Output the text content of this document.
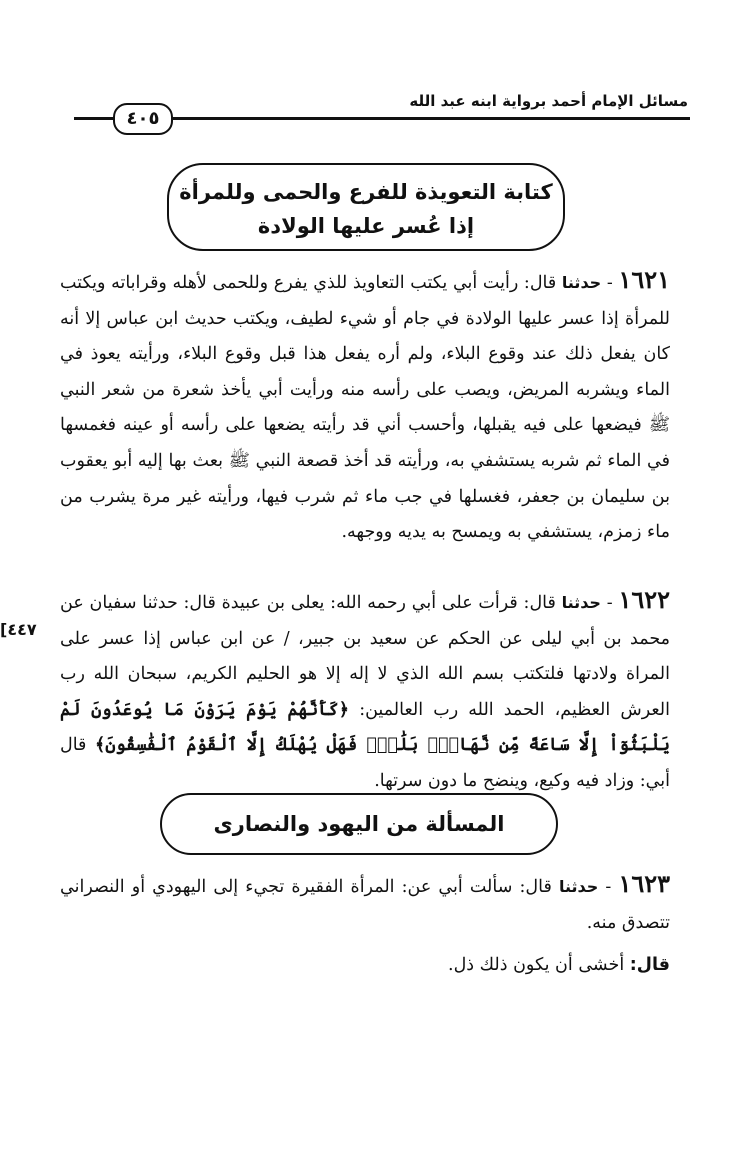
مسائل الإمام أحمد برواية ابنه عبد الله
٤٠٥
كتابة التعويذة للفرع والحمى وللمرأة
إذا عُسر عليها الولادة
١٦٢١ - حدثنا قال: رأيت أبي يكتب التعاويذ للذي يفرع وللحمى لأهله وقراباته ويكتب للمرأة إذا عسر عليها الولادة في جام أو شيء لطيف، ويكتب حديث ابن عباس إلا أنه كان يفعل ذلك عند وقوع البلاء، ولم أره يفعل هذا قبل وقوع البلاء، ورأيته يعوذ في الماء ويشربه المريض، ويصب على رأسه منه ورأيت أبي يأخذ شعرة من شعر النبي ﷺ فيضعها على فيه يقبلها، وأحسب أني قد رأيته يضعها على رأسه أو عينه فغمسها في الماء ثم شربه يستشفي به، ورأيته قد أخذ قصعة النبي ﷺ بعث بها إليه أبو يعقوب بن سليمان بن جعفر، فغسلها في جب ماء ثم شرب فيها، ورأيته غير مرة يشرب من ماء زمزم، يستشفي به ويمسح به يديه ووجهه.
١٦٢٢ - حدثنا قال: قرأت على أبي رحمه الله: يعلى بن عبيدة قال: حدثنا سفيان عن محمد بن أبي ليلى عن الحكم عن سعيد بن جبير، / عن ابن عباس إذا عسر على المراة ولادتها فلتكتب بسم الله الذي لا إله إلا هو الحليم الكريم، سبحان الله رب العرش العظيم، الحمد الله رب العالمين: ﴿كَأَنَّهُمْ يَوْمَ يَرَوْنَ مَا يُوعَدُونَ لَمْ يَلْبَثُوٓاْ إِلَّا سَاعَةً مِّن نَّهَارٍۭ بَلَٰغٌۭ فَهَلْ يُهْلَكُ إِلَّا ٱلْقَوْمُ ٱلْفَٰسِقُونَ﴾ قال أبي: وزاد فيه وكيع، وينضح ما دون سرتها.
[٤٤٧
المسألة من اليهود والنصارى
١٦٢٣ - حدثنا قال: سألت أبي عن: المرأة الفقيرة تجيء إلى اليهودي أو النصراني تتصدق منه.
قال: أخشى أن يكون ذلك ذل.
